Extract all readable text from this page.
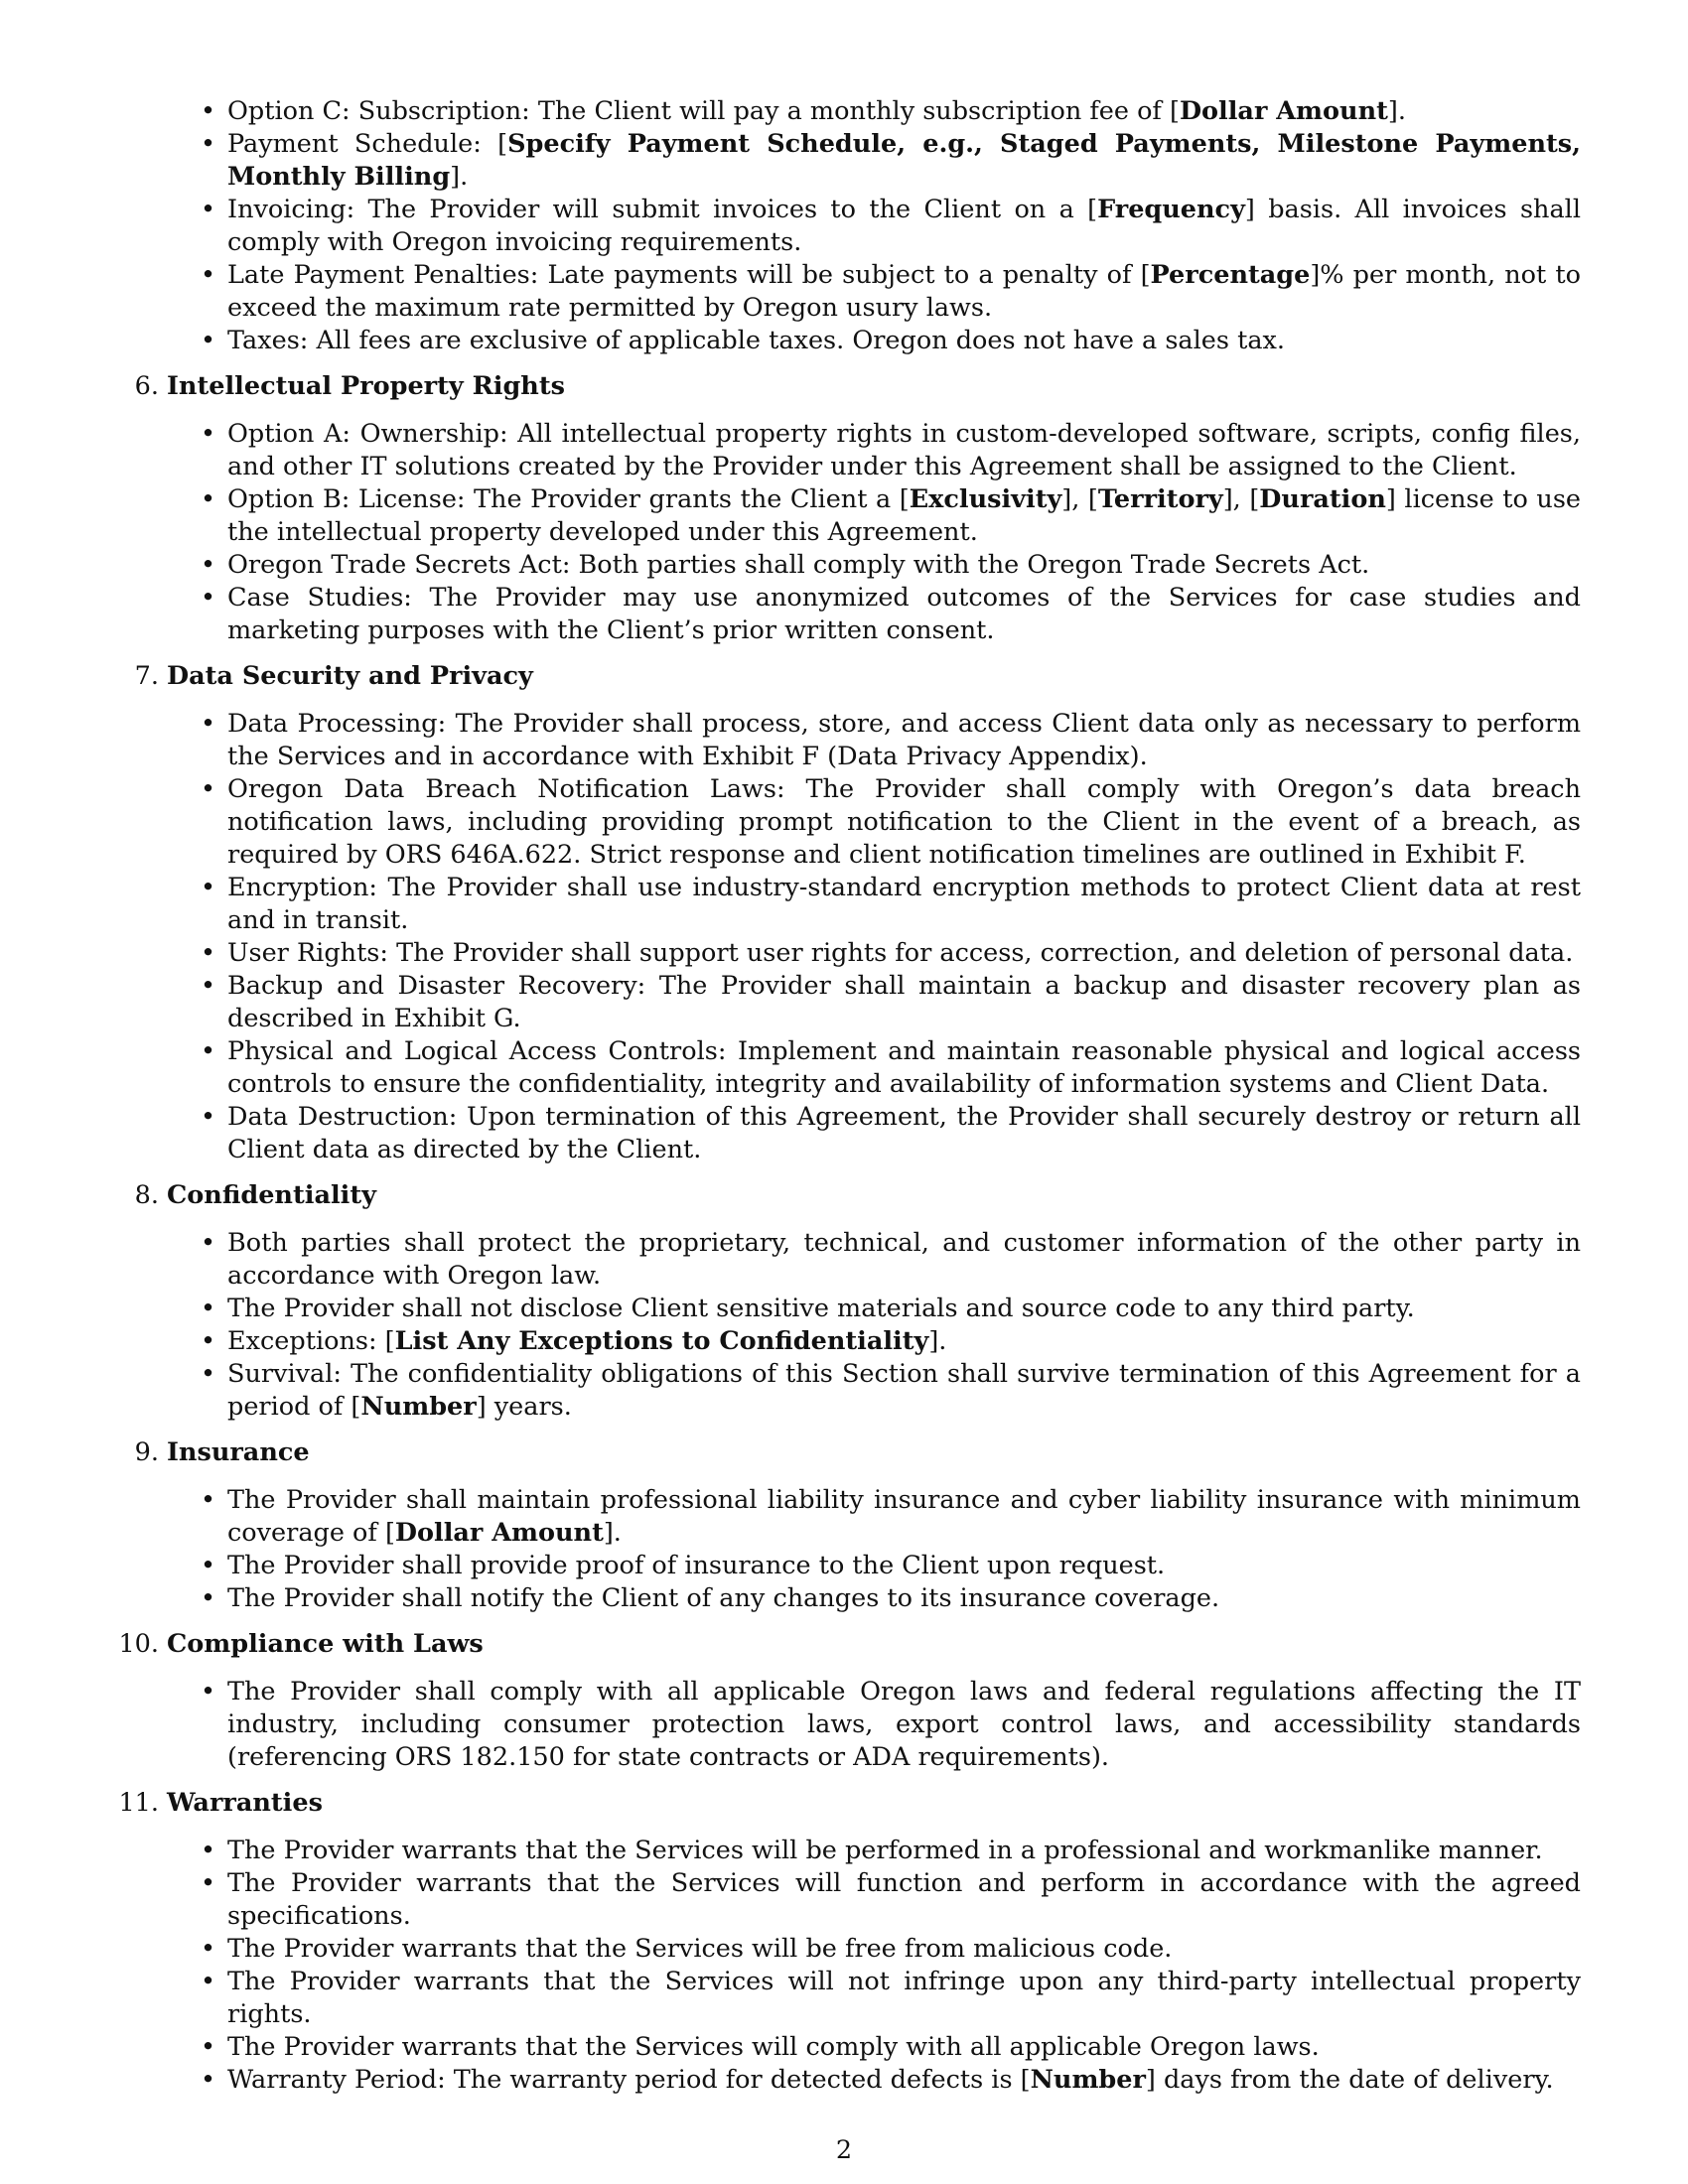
• Option C: Subscription: The Client will pay a monthly subscription fee of [Dollar Amount].
• Payment Schedule: [Specify Payment Schedule, e.g., Staged Payments, Milestone Payments, Monthly Billing].
• Invoicing: The Provider will submit invoices to the Client on a [Frequency] basis. All invoices shall comply with Oregon invoicing requirements.
• Late Payment Penalties: Late payments will be subject to a penalty of [Percentage]% per month, not to exceed the maximum rate permitted by Oregon usury laws.
• Taxes: All fees are exclusive of applicable taxes. Oregon does not have a sales tax.
6. Intellectual Property Rights
• Option A: Ownership: All intellectual property rights in custom-developed software, scripts, config files, and other IT solutions created by the Provider under this Agreement shall be assigned to the Client.
• Option B: License: The Provider grants the Client a [Exclusivity], [Territory], [Duration] license to use the intellectual property developed under this Agreement.
• Oregon Trade Secrets Act: Both parties shall comply with the Oregon Trade Secrets Act.
• Case Studies: The Provider may use anonymized outcomes of the Services for case studies and marketing purposes with the Client’s prior written consent.
7. Data Security and Privacy
• Data Processing: The Provider shall process, store, and access Client data only as necessary to perform the Services and in accordance with Exhibit F (Data Privacy Appendix).
• Oregon Data Breach Notification Laws: The Provider shall comply with Oregon’s data breach notification laws, including providing prompt notification to the Client in the event of a breach, as required by ORS 646A.622. Strict response and client notification timelines are outlined in Exhibit F.
• Encryption: The Provider shall use industry-standard encryption methods to protect Client data at rest and in transit.
• User Rights: The Provider shall support user rights for access, correction, and deletion of personal data.
• Backup and Disaster Recovery: The Provider shall maintain a backup and disaster recovery plan as described in Exhibit G.
• Physical and Logical Access Controls: Implement and maintain reasonable physical and logical access controls to ensure the confidentiality, integrity and availability of information systems and Client Data.
• Data Destruction: Upon termination of this Agreement, the Provider shall securely destroy or return all Client data as directed by the Client.
8. Confidentiality
• Both parties shall protect the proprietary, technical, and customer information of the other party in accordance with Oregon law.
• The Provider shall not disclose Client sensitive materials and source code to any third party.
• Exceptions: [List Any Exceptions to Confidentiality].
• Survival: The confidentiality obligations of this Section shall survive termination of this Agreement for a period of [Number] years.
9. Insurance
• The Provider shall maintain professional liability insurance and cyber liability insurance with minimum coverage of [Dollar Amount].
• The Provider shall provide proof of insurance to the Client upon request.
• The Provider shall notify the Client of any changes to its insurance coverage.
10. Compliance with Laws
• The Provider shall comply with all applicable Oregon laws and federal regulations affecting the IT industry, including consumer protection laws, export control laws, and accessibility standards (referencing ORS 182.150 for state contracts or ADA requirements).
11. Warranties
• The Provider warrants that the Services will be performed in a professional and workmanlike manner.
• The Provider warrants that the Services will function and perform in accordance with the agreed specifications.
• The Provider warrants that the Services will be free from malicious code.
• The Provider warrants that the Services will not infringe upon any third-party intellectual property rights.
• The Provider warrants that the Services will comply with all applicable Oregon laws.
• Warranty Period: The warranty period for detected defects is [Number] days from the date of delivery.
2
